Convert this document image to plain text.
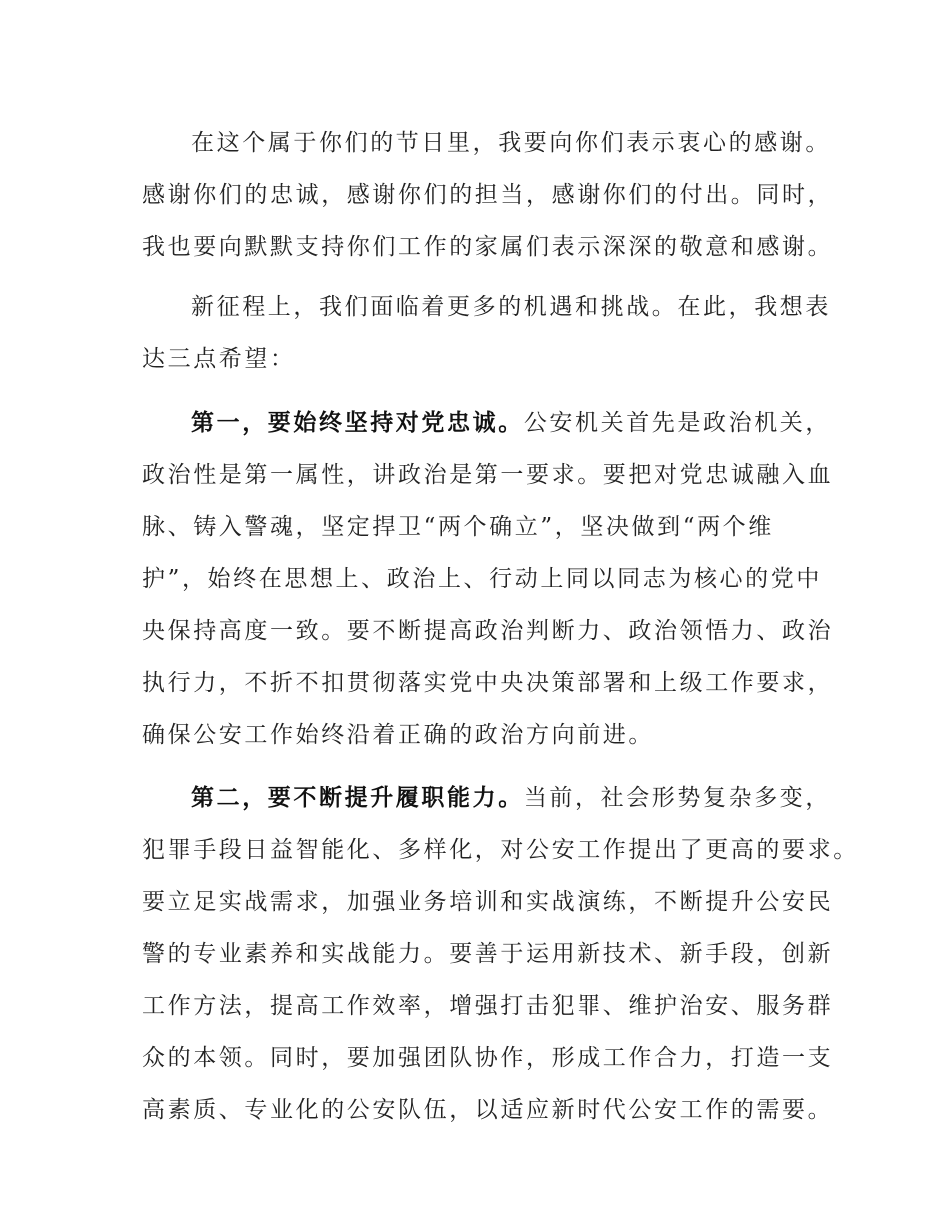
在这个属于你们的节日里，我要向你们表示衷心的感谢。

感谢你们的忠诚，感谢你们的担当，感谢你们的付出。同时，

我也要向默默支持你们工作的家属们表示深深的敬意和感谢。

新征程上，我们面临着更多的机遇和挑战。在此，我想表

达三点希望：

第一，要始终坚持对党忠诚。公安机关首先是政治机关，

政治性是第一属性，讲政治是第一要求。要把对党忠诚融入血

脉、铸入警魂，坚定捍卫“两个确立”，坚决做到“两个维

护”，始终在思想上、政治上、行动上同以同志为核心的党中

央保持高度一致。要不断提高政治判断力、政治领悟力、政治

执行力，不折不扣贯彻落实党中央决策部署和上级工作要求，

确保公安工作始终沿着正确的政治方向前进。

第二，要不断提升履职能力。当前，社会形势复杂多变，

犯罪手段日益智能化、多样化，对公安工作提出了更高的要求。

要立足实战需求，加强业务培训和实战演练，不断提升公安民

警的专业素养和实战能力。要善于运用新技术、新手段，创新

工作方法，提高工作效率，增强打击犯罪、维护治安、服务群

众的本领。同时，要加强团队协作，形成工作合力，打造一支

高素质、专业化的公安队伍，以适应新时代公安工作的需要。
